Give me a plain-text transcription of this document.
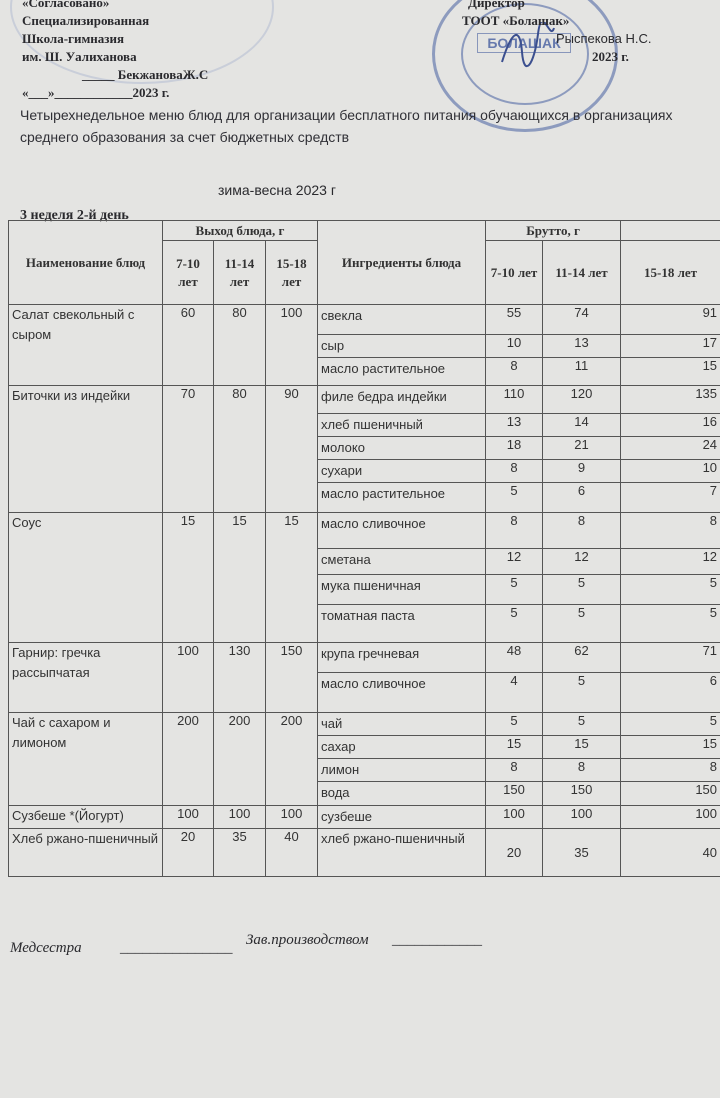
БОЛАШАК
«Согласовано»
Специализированная
Школа-гимназия
им. Ш. Уалиханова
_____ БекжановаЖ.С
«___»____________2023 г.
Директор
ТООТ «Болашак»
Рыспекова Н.С.
2023 г.
Четырехнедельное меню блюд для организации бесплатного питания обучающихся в организациях среднего образования за счет бюджетных средств
зима-весна 2023 г
3 неделя 2-й день
Наименование блюд	Выход блюда, г			Ингредиенты блюда	Брутто, г		
	7-10 лет	11-14 лет	15-18 лет		7-10 лет	11-14 лет	15-18 лет
Салат свекольный с сыром	60	80	100	свекла	55	74	91
				сыр	10	13	17
				масло растительное	8	11	15
Биточки из индейки	70	80	90	филе бедра индейки	110	120	135
				хлеб пшеничный	13	14	16
				молоко	18	21	24
				сухари	8	9	10
				масло растительное	5	6	7
Соус	15	15	15	масло сливочное	8	8	8
				сметана	12	12	12
				мука пшеничная	5	5	5
				томатная паста	5	5	5
Гарнир: гречка рассыпчатая	100	130	150	крупа гречневая	48	62	71
				масло сливочное	4	5	6
Чай с сахаром и лимоном	200	200	200	чай	5	5	5
				сахар	15	15	15
				лимон	8	8	8
				вода	150	150	150
Сузбеше *(Йогурт)	100	100	100	сузбеше	100	100	100
Хлеб ржано-пшеничный	20	35	40	хлеб ржано-пшеничный	20	35	40
Медсестра	_______________ Зав.производством ____________
